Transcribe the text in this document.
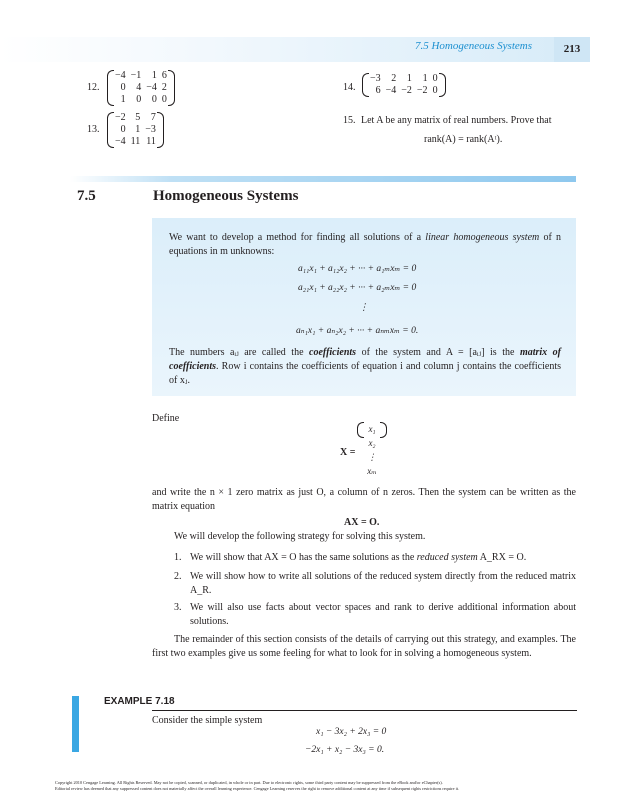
7.5 Homogeneous Systems	213
12.
−4	−1	1	6
0	4	−4	2
1	0	0	0
13.
−2	5	7
0	1	−3
−4	11	11
14.
−3	2	1	1	0
6	−4	−2	−2	0
15. Let A be any matrix of real numbers. Prove that
rank(A) = rank(Aᵗ).
7.5	Homogeneous Systems
We want to develop a method for finding all solutions of a linear homogeneous system of n equations in m unknowns:
a₁₁x₁ + a₁₂x₂ + ··· + a₁ₘxₘ = 0
a₂₁x₁ + a₂₂x₂ + ··· + a₂ₘxₘ = 0
⋮
aₙ₁x₁ + aₙ₂x₂ + ··· + aₙₘxₘ = 0.
The numbers aᵢⱼ are called the coefficients of the system and A = [aᵢⱼ] is the matrix of coefficients. Row i contains the coefficients of equation i and column j contains the coefficients of xⱼ.
Define
X =
x₁
x₂
⋮
xₘ
and write the n × 1 zero matrix as just O, a column of n zeros. Then the system can be written as the matrix equation
AX = O.
We will develop the following strategy for solving this system.
1. We will show that AX = O has the same solutions as the reduced system A_RX = O.
2. We will show how to write all solutions of the reduced system directly from the reduced matrix A_R.
3. We will also use facts about vector spaces and rank to derive additional information about solutions.
The remainder of this section consists of the details of carrying out this strategy, and examples. The first two examples give us some feeling for what to look for in solving a homogeneous system.
EXAMPLE 7.18
Consider the simple system
x₁ − 3x₂ + 2x₃ = 0
−2x₁ + x₂ − 3x₃ = 0.
Copyright 2010 Cengage Learning. All Rights Reserved. May not be copied, scanned, or duplicated, in whole or in part. Due to electronic rights, some third party content may be suppressed from the eBook and/or eChapter(s).
Editorial review has deemed that any suppressed content does not materially affect the overall learning experience. Cengage Learning reserves the right to remove additional content at any time if subsequent rights restrictions require it.
